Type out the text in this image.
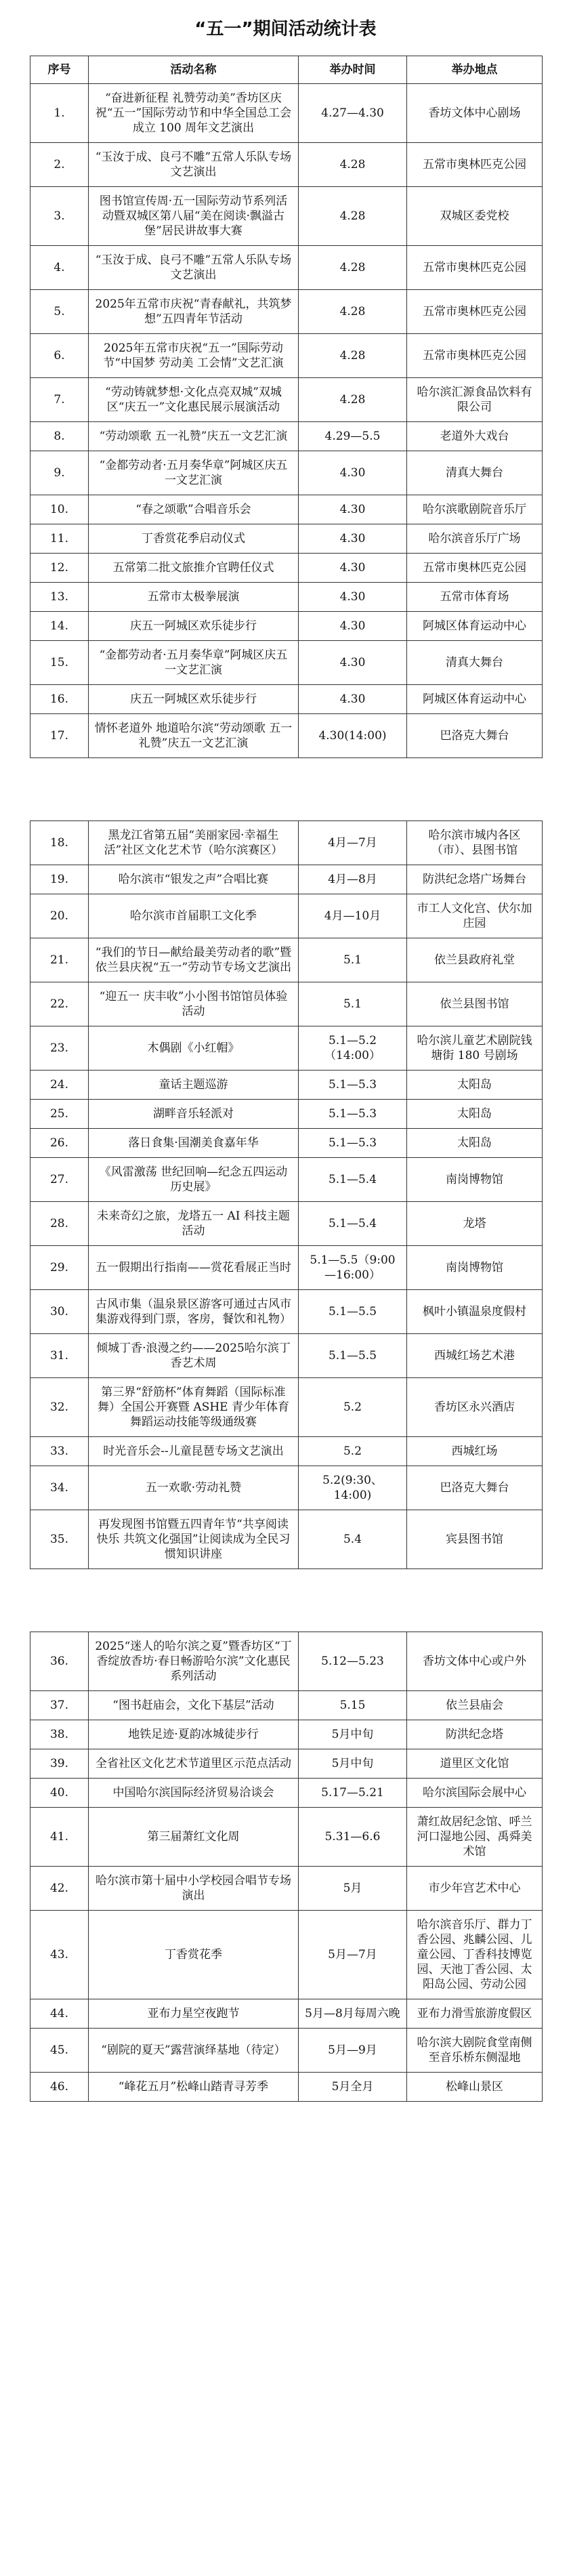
“五一”期间活动统计表
序号	活动名称	举办时间	举办地点
1.	“奋进新征程 礼赞劳动美”香坊区庆祝“五一”国际劳动节和中华全国总工会成立 100 周年文艺演出	4.27—4.30	香坊文体中心剧场
2.	“玉汝于成、良弓不雕”五常人乐队专场文艺演出	4.28	五常市奥林匹克公园
3.	图书馆宣传周·五一国际劳动节系列活动暨双城区第八届“美在阅读·飘溢古堡”居民讲故事大赛	4.28	双城区委党校
4.	“玉汝于成、良弓不雕”五常人乐队专场文艺演出	4.28	五常市奥林匹克公园
5.	2025年五常市庆祝“青春献礼，共筑梦想”五四青年节活动	4.28	五常市奥林匹克公园
6.	2025年五常市庆祝“五一”国际劳动节“中国梦 劳动美 工会情”文艺汇演	4.28	五常市奥林匹克公园
7.	“劳动铸就梦想·文化点亮双城”双城区“庆五一”文化惠民展示展演活动	4.28	哈尔滨汇源食品饮料有限公司
8.	“劳动颂歌 五一礼赞”庆五一文艺汇演	4.29—5.5	老道外大戏台
9.	“金都劳动者·五月奏华章”阿城区庆五一文艺汇演	4.30	清真大舞台
10.	“春之颂歌”合唱音乐会	4.30	哈尔滨歌剧院音乐厅
11.	丁香赏花季启动仪式	4.30	哈尔滨音乐厅广场
12.	五常第二批文旅推介官聘任仪式	4.30	五常市奥林匹克公园
13.	五常市太极拳展演	4.30	五常市体育场
14.	庆五一阿城区欢乐徒步行	4.30	阿城区体育运动中心
15.	“金都劳动者·五月奏华章”阿城区庆五一文艺汇演	4.30	清真大舞台
16.	庆五一阿城区欢乐徒步行	4.30	阿城区体育运动中心
17.	情怀老道外 地道哈尔滨“劳动颂歌 五一礼赞”庆五一文艺汇演	4.30(14:00)	巴洛克大舞台
18.	黑龙江省第五届“美丽家园·幸福生活”社区文化艺术节（哈尔滨赛区）	4月—7月	哈尔滨市城内各区（市）、县图书馆
19.	哈尔滨市“银发之声”合唱比赛	4月—8月	防洪纪念塔广场舞台
20.	哈尔滨市首届职工文化季	4月—10月	市工人文化宫、伏尔加庄园
21.	“我们的节日—献给最美劳动者的歌”暨依兰县庆祝“五一”劳动节专场文艺演出	5.1	依兰县政府礼堂
22.	“迎五一 庆丰收”小小图书馆馆员体验活动	5.1	依兰县图书馆
23.	木偶剧《小红帽》	5.1—5.2（14:00）	哈尔滨儿童艺术剧院钱塘街 180 号剧场
24.	童话主题巡游	5.1—5.3	太阳岛
25.	湖畔音乐轻派对	5.1—5.3	太阳岛
26.	落日食集·国潮美食嘉年华	5.1—5.3	太阳岛
27.	《风雷激荡 世纪回响—纪念五四运动历史展》	5.1—5.4	南岗博物馆
28.	未来奇幻之旅，龙塔五一 AI 科技主题活动	5.1—5.4	龙塔
29.	五一假期出行指南——赏花看展正当时	5.1—5.5（9:00—16:00）	南岗博物馆
30.	古风市集（温泉景区游客可通过古风市集游戏得到门票，客房，餐饮和礼物）	5.1—5.5	枫叶小镇温泉度假村
31.	倾城丁香·浪漫之约——2025哈尔滨丁香艺术周	5.1—5.5	西城红场艺术港
32.	第三界“舒筋杯”体育舞蹈（国际标准舞）全国公开赛暨 ASHE 青少年体育舞蹈运动技能等级通级赛	5.2	香坊区永兴酒店
33.	时光音乐会--儿童昆琶专场文艺演出	5.2	西城红场
34.	五一欢歌·劳动礼赞	5.2(9:30、14:00)	巴洛克大舞台
35.	再发现图书馆暨五四青年节“共享阅读快乐 共筑文化强国”让阅读成为全民习惯知识讲座	5.4	宾县图书馆
36.	2025“迷人的哈尔滨之夏”暨香坊区“丁香绽放香坊·春日畅游哈尔滨”文化惠民系列活动	5.12—5.23	香坊文体中心或户外
37.	“图书赶庙会，文化下基层”活动	5.15	依兰县庙会
38.	地铁足迹·夏韵冰城徒步行	5月中旬	防洪纪念塔
39.	全省社区文化艺术节道里区示范点活动	5月中旬	道里区文化馆
40.	中国哈尔滨国际经济贸易洽谈会	5.17—5.21	哈尔滨国际会展中心
41.	第三届萧红文化周	5.31—6.6	萧红故居纪念馆、呼兰河口湿地公园、禹舜美术馆
42.	哈尔滨市第十届中小学校园合唱节专场演出	5月	市少年宫艺术中心
43.	丁香赏花季	5月—7月	哈尔滨音乐厅、群力丁香公园、兆麟公园、儿童公园、丁香科技博览园、天池丁香公园、太阳岛公园、劳动公园
44.	亚布力星空夜跑节	5月—8月每周六晚	亚布力滑雪旅游度假区
45.	“剧院的夏天”露营演绎基地（待定）	5月—9月	哈尔滨大剧院食堂南侧至音乐桥东侧湿地
46.	“峰花五月”松峰山踏青寻芳季	5月全月	松峰山景区
